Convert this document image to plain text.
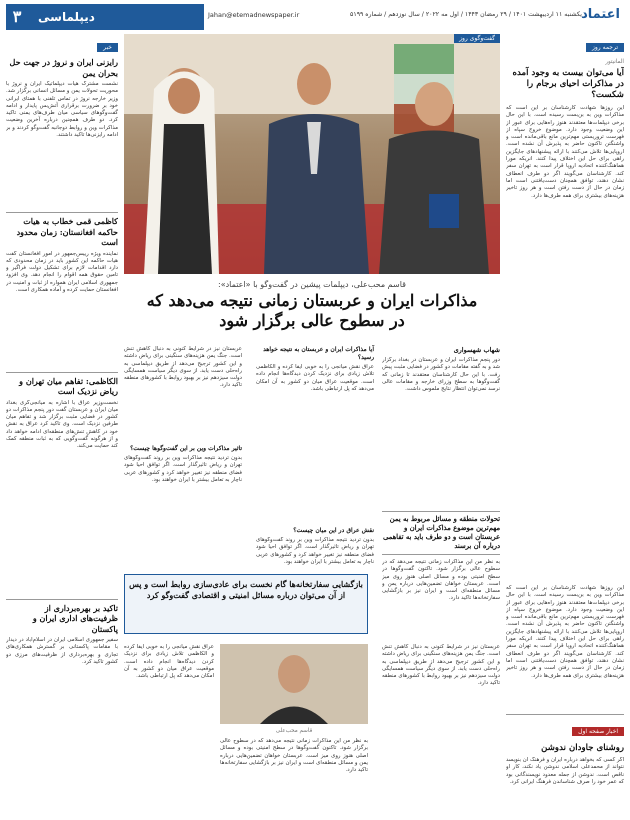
اعتماد
یکشنبه ۱۱ اردیبهشت ۱۴۰۱ / ۲۹ رمضان ۱۴۴۳ / اول مه ۲۰۲۲ / سال نوزدهم / شماره ۵۱۹۹
Jahan@etemadnewspaper.ir
دیپلماسی
۳
ترجمه روز
المانیتور
آیا می‌توان بیست به وجود آمده در مذاکرات احیای برجام را شکست؟
این روزها شهادت کارشناسان بر این است که مذاکرات وین به بن‌بست رسیده است. با این حال برخی دیپلمات‌ها معتقدند هنوز راه‌هایی برای عبور از این وضعیت وجود دارد. موضوع خروج سپاه از فهرست تروریستی مهم‌ترین مانع باقی‌مانده است و واشنگتن تاکنون حاضر به پذیرش آن نشده است. اروپایی‌ها تلاش می‌کنند با ارائه پیشنهادهای جایگزین راهی برای حل این اختلاف پیدا کنند. انریکه مورا هماهنگ‌کننده اتحادیه اروپا قرار است به تهران سفر کند. کارشناسان می‌گویند اگر دو طرف انعطاف نشان دهند، توافق همچنان دست‌یافتنی است اما زمان در حال از دست رفتن است و هر روز تاخیر هزینه‌های بیشتری برای همه طرف‌ها دارد.
این روزها شهادت کارشناسان بر این است که مذاکرات وین به بن‌بست رسیده است. با این حال برخی دیپلمات‌ها معتقدند هنوز راه‌هایی برای عبور از این وضعیت وجود دارد. موضوع خروج سپاه از فهرست تروریستی مهم‌ترین مانع باقی‌مانده است و واشنگتن تاکنون حاضر به پذیرش آن نشده است. اروپایی‌ها تلاش می‌کنند با ارائه پیشنهادهای جایگزین راهی برای حل این اختلاف پیدا کنند. انریکه مورا هماهنگ‌کننده اتحادیه اروپا قرار است به تهران سفر کند. کارشناسان می‌گویند اگر دو طرف انعطاف نشان دهند، توافق همچنان دست‌یافتنی است اما زمان در حال از دست رفتن است و هر روز تاخیر هزینه‌های بیشتری برای همه طرف‌ها دارد.
اخبار صفحه اول
روشنای جاودان ندوشن
اگر کسی که بخواهد درباره ایران و فرهنگ آن بنویسد نتواند از محمدعلی اسلامی ندوشن یاد نکند، کار او ناقص است. ندوشن از جمله معدود نویسندگانی بود که عمر خود را صرف شناساندن فرهنگ ایرانی کرد.
خبر
رایزنی ایران و نروژ در جهت حل بحران یمن
نشست مشترک هیات دیپلماتیک ایران و نروژ با محوریت تحولات یمن و مسائل انسانی برگزار شد. وزیر خارجه نروژ در تماس تلفنی با همتای ایرانی خود بر ضرورت برقراری آتش‌بس پایدار و ادامه گفت‌وگوهای سیاسی میان طرف‌های یمنی تاکید کرد. دو طرف همچنین درباره آخرین وضعیت مذاکرات وین و روابط دوجانبه گفت‌وگو کردند و بر ادامه رایزنی‌ها تاکید داشتند.
کاظمی قمی خطاب به هیات حاکمه افغانستان: زمان محدود است
نماینده ویژه رییس‌جمهور در امور افغانستان گفت هیات حاکمه این کشور باید در زمان محدودی که دارد اقدامات لازم برای تشکیل دولت فراگیر و تامین حقوق همه اقوام را انجام دهد. وی افزود جمهوری اسلامی ایران همواره از ثبات و امنیت در افغانستان حمایت کرده و آماده همکاری است.
الکاظمی: تفاهم میان تهران و ریاض نزدیک است
نخست‌وزیر عراق با اشاره به میانجی‌گری بغداد میان ایران و عربستان گفت دور پنجم مذاکرات دو کشور در فضایی مثبت برگزار شد و تفاهم میان طرفین نزدیک است. وی تاکید کرد عراق به نقش خود در کاهش تنش‌های منطقه‌ای ادامه خواهد داد و از هرگونه گفت‌وگویی که به ثبات منطقه کمک کند حمایت می‌کند.
تاکید بر بهره‌برداری از ظرفیت‌های اداری ایران و پاکستان
سفیر جمهوری اسلامی ایران در اسلام‌آباد در دیدار با مقامات پاکستانی بر گسترش همکاری‌های تجاری و بهره‌برداری از ظرفیت‌های مرزی دو کشور تاکید کرد.
گفت‌وگوی روز
قاسم محب‌علی، دیپلمات پیشین در گفت‌وگو با «اعتماد»:
مذاکرات ایران و عربستان زمانی نتیجه می‌دهد که در سطوح عالی برگزار شود
شهاب شهسواری
دور پنجم مذاکرات ایران و عربستان در بغداد برگزار شد و به گفته مقامات دو کشور در فضایی مثبت پیش رفت. با این حال کارشناسان معتقدند تا زمانی که گفت‌وگوها به سطح وزرای خارجه و مقامات عالی نرسد نمی‌توان انتظار نتایج ملموس داشت.
تحولات منطقه و مسائل مربوط به یمن مهم‌ترین موضوع مذاکرات ایران و عربستان است و دو طرف باید به تفاهمی درباره آن برسند
به نظر من این مذاکرات زمانی نتیجه می‌دهد که در سطوح عالی برگزار شود. تاکنون گفت‌وگوها در سطح امنیتی بوده و مسائل اصلی هنوز روی میز است. عربستان خواهان تضمین‌هایی درباره یمن و مسائل منطقه‌ای است و ایران نیز بر بازگشایی سفارتخانه‌ها تاکید دارد.
آیا مذاکرات ایران و عربستان به نتیجه خواهد رسید؟
عراق نقش میانجی را به خوبی ایفا کرده و الکاظمی تلاش زیادی برای نزدیک کردن دیدگاه‌ها انجام داده است. موقعیت عراق میان دو کشور به آن امکان می‌دهد که پل ارتباطی باشد.
نقش عراق در این میان چیست؟
بدون تردید نتیجه مذاکرات وین بر روند گفت‌وگوهای تهران و ریاض تاثیرگذار است. اگر توافق احیا شود فضای منطقه نیز تغییر خواهد کرد و کشورهای عربی ناچار به تعامل بیشتر با ایران خواهند بود.
عربستان نیز در شرایط کنونی به دنبال کاهش تنش است. جنگ یمن هزینه‌های سنگینی برای ریاض داشته و این کشور ترجیح می‌دهد از طریق دیپلماسی به راه‌حلی دست یابد. از سوی دیگر سیاست همسایگی دولت سیزدهم نیز بر بهبود روابط با کشورهای منطقه تاکید دارد.
تاثیر مذاکرات وین بر این گفت‌وگوها چیست؟
بدون تردید نتیجه مذاکرات وین بر روند گفت‌وگوهای تهران و ریاض تاثیرگذار است. اگر توافق احیا شود فضای منطقه نیز تغییر خواهد کرد و کشورهای عربی ناچار به تعامل بیشتر با ایران خواهند بود.
بازگشایی سفارتخانه‌ها گام نخست برای عادی‌سازی روابط است و پس از آن می‌توان درباره مسائل امنیتی و اقتصادی گفت‌وگو کرد
قاسم محب‌علی
عربستان نیز در شرایط کنونی به دنبال کاهش تنش است. جنگ یمن هزینه‌های سنگینی برای ریاض داشته و این کشور ترجیح می‌دهد از طریق دیپلماسی به راه‌حلی دست یابد. از سوی دیگر سیاست همسایگی دولت سیزدهم نیز بر بهبود روابط با کشورهای منطقه تاکید دارد.
عراق نقش میانجی را به خوبی ایفا کرده و الکاظمی تلاش زیادی برای نزدیک کردن دیدگاه‌ها انجام داده است. موقعیت عراق میان دو کشور به آن امکان می‌دهد که پل ارتباطی باشد.
به نظر من این مذاکرات زمانی نتیجه می‌دهد که در سطوح عالی برگزار شود. تاکنون گفت‌وگوها در سطح امنیتی بوده و مسائل اصلی هنوز روی میز است. عربستان خواهان تضمین‌هایی درباره یمن و مسائل منطقه‌ای است و ایران نیز بر بازگشایی سفارتخانه‌ها تاکید دارد.
